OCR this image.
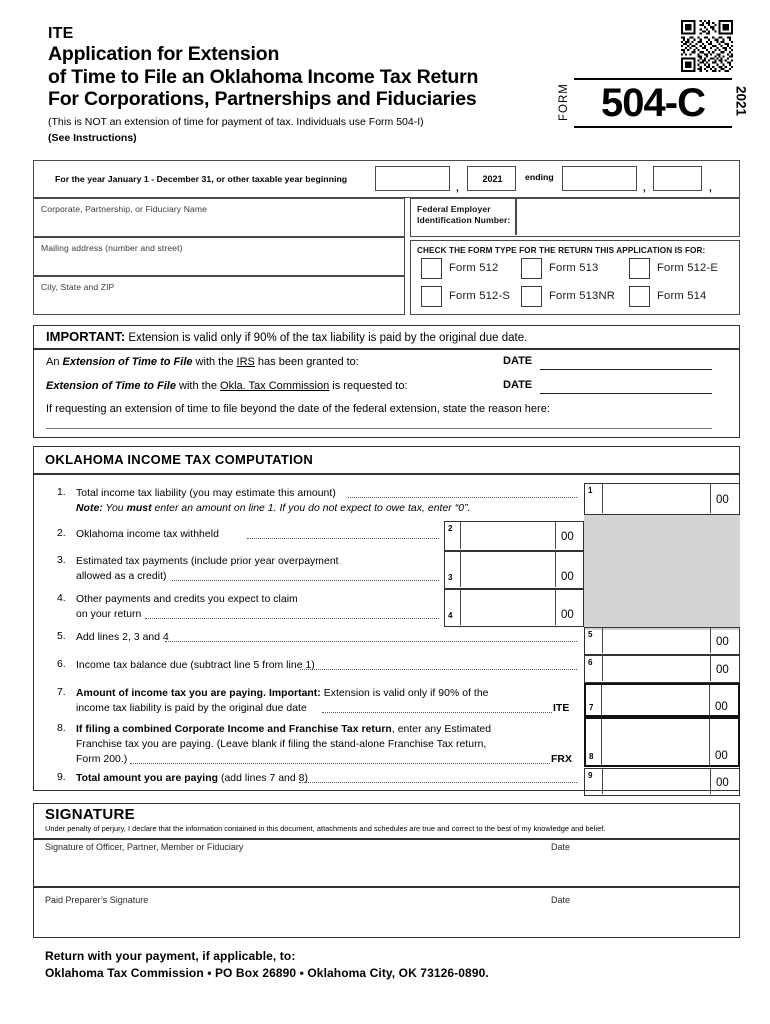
ITE
Application for Extension
of Time to File an Oklahoma Income Tax Return
For Corporations, Partnerships and Fiduciaries
(This is NOT an extension of time for payment of tax. Individuals use Form 504-I)
(See Instructions)
FORM 504-C	2021
For the year January 1 - December 31, or other taxable year beginning
,
2021	ending
,	,
Corporate, Partnership, or Fiduciary Name
Mailing address (number and street)
City, State and ZIP
Federal Employer
Identification Number:
CHECK THE FORM TYPE FOR THE RETURN THIS APPLICATION IS FOR:
Form 512	Form 513	Form 512-E
Form 512-S	Form 513NR	Form 514
IMPORTANT: Extension is valid only if 90% of the tax liability is paid by the original due date.
An Extension of Time to File with the IRS has been granted to:	DATE
Extension of Time to File with the Okla. Tax Commission is requested to:	DATE
If requesting an extension of time to file beyond the date of the federal extension, state the reason here:
OKLAHOMA INCOME TAX COMPUTATION
1. Total income tax liability (you may estimate this amount)
Note: You must enter an amount on line 1. If you do not expect to owe tax, enter “0”.
1
00
2. Oklahoma income tax withheld
2
00
3. Estimated tax payments (include prior year overpayment
allowed as a credit)	3	00
4. Other payments and credits you expect to claim
on your return	4	00
5. Add lines 2, 3 and 4	5
00
6. Income tax balance due (subtract line 5 from line 1)	6
00
7. Amount of income tax you are paying. Important: Extension is valid only if 90% of the
income tax liability is paid by the original due date	ITE 7	00
8. If filing a combined Corporate Income and Franchise Tax return, enter any Estimated
Franchise tax you are paying. (Leave blank if filing the stand-alone Franchise Tax return,
Form 200.)	FRX 8	00
9. Total amount you are paying (add lines 7 and 8)	9
00
SIGNATURE
Under penalty of perjury, I declare that the information contained in this document, attachments and schedules are true and correct to the best of my knowledge and belief.
Signature of Officer, Partner, Member or Fiduciary	Date
Paid Preparer’s Signature	Date
Return with your payment, if applicable, to:
Oklahoma Tax Commission • PO Box 26890 • Oklahoma City, OK 73126-0890.
